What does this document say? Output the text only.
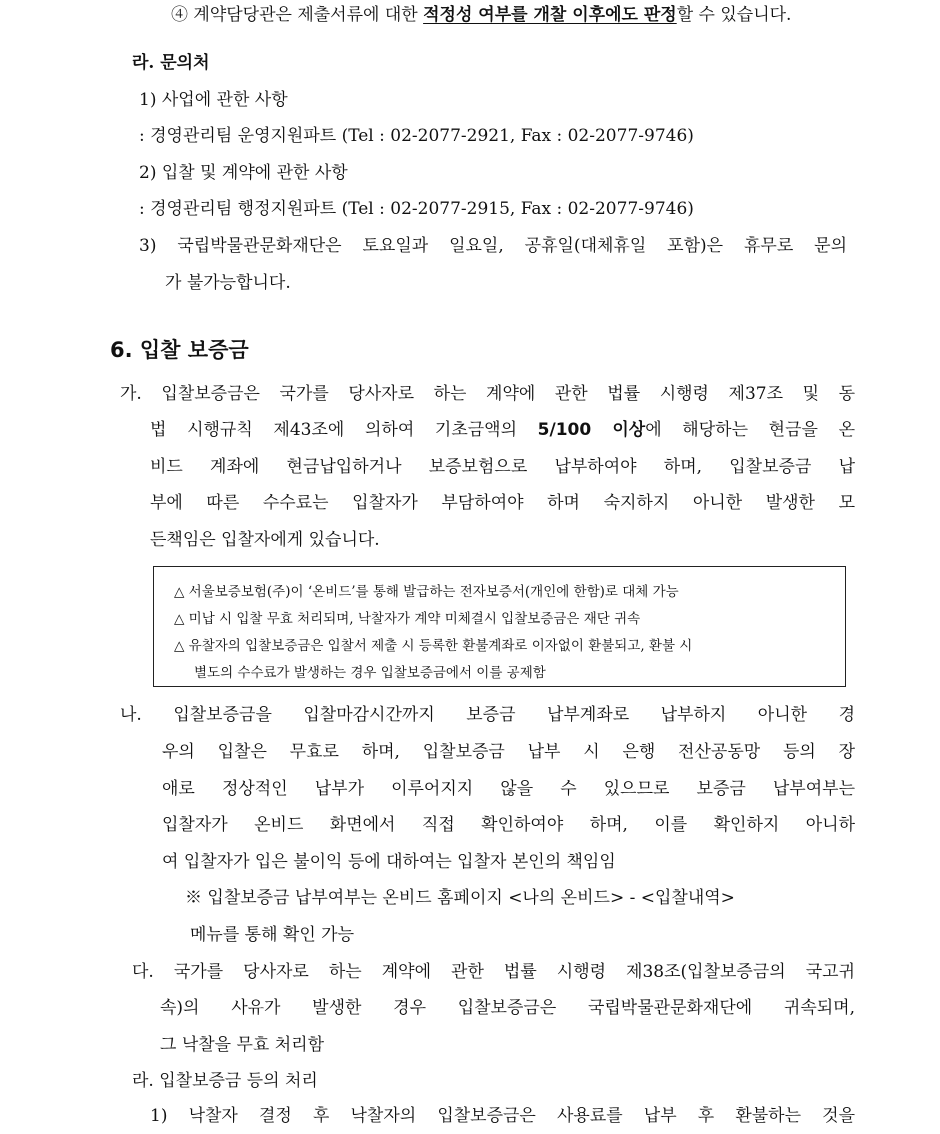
④ 계약담당관은 제출서류에 대한 적정성 여부를 개찰 이후에도 판정할 수 있습니다.
라. 문의처
1) 사업에 관한 사항
: 경영관리팀 운영지원파트 (Tel : 02-2077-2921, Fax : 02-2077-9746)
2) 입찰 및 계약에 관한 사항
: 경영관리팀 행정지원파트 (Tel : 02-2077-2915, Fax : 02-2077-9746)
3) 국립박물관문화재단은 토요일과 일요일, 공휴일(대체휴일 포함)은 휴무로 문의
가 불가능합니다.
6. 입찰 보증금
가. 입찰보증금은 국가를 당사자로 하는 계약에 관한 법률 시행령 제37조 및 동
법 시행규칙 제43조에 의하여 기초금액의 5/100 이상에 해당하는 현금을 온
비드 계좌에 현금납입하거나 보증보험으로 납부하여야 하며, 입찰보증금 납
부에 따른 수수료는 입찰자가 부담하여야 하며 숙지하지 아니한 발생한 모
든책임은 입찰자에게 있습니다.
△ 서울보증보험(주)이 ‘온비드’를 통해 발급하는 전자보증서(개인에 한함)로 대체 가능
△ 미납 시 입찰 무효 처리되며, 낙찰자가 계약 미체결시 입찰보증금은 재단 귀속
△ 유찰자의 입찰보증금은 입찰서 제출 시 등록한 환불계좌로 이자없이 환불되고, 환불 시
별도의 수수료가 발생하는 경우 입찰보증금에서 이를 공제함
나. 입찰보증금을 입찰마감시간까지 보증금 납부계좌로 납부하지 아니한 경
우의 입찰은 무효로 하며, 입찰보증금 납부 시 은행 전산공동망 등의 장
애로 정상적인 납부가 이루어지지 않을 수 있으므로 보증금 납부여부는
입찰자가 온비드 화면에서 직접 확인하여야 하며, 이를 확인하지 아니하
여 입찰자가 입은 불이익 등에 대하여는 입찰자 본인의 책임임
※ 입찰보증금 납부여부는 온비드 홈페이지 <나의 온비드> - <입찰내역>
메뉴를 통해 확인 가능
다. 국가를 당사자로 하는 계약에 관한 법률 시행령 제38조(입찰보증금의 국고귀
속)의 사유가 발생한 경우 입찰보증금은 국립박물관문화재단에 귀속되며,
그 낙찰을 무효 처리함
라. 입찰보증금 등의 처리
1) 낙찰자 결정 후 낙찰자의 입찰보증금은 사용료를 납부 후 환불하는 것을
